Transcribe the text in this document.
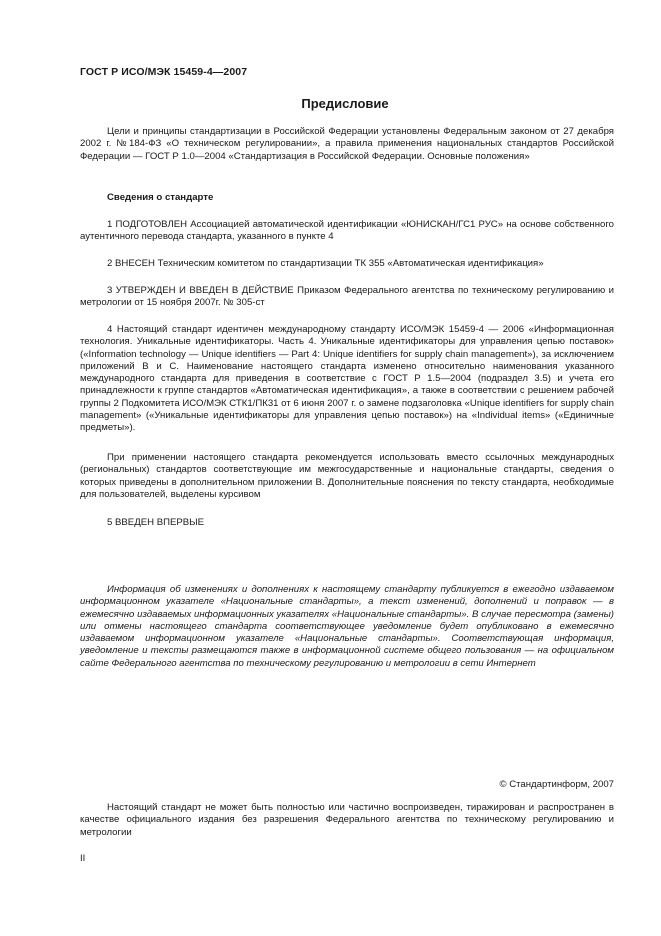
ГОСТ Р ИСО/МЭК 15459-4—2007
Предисловие

Цели и принципы стандартизации в Российской Федерации установлены Федеральным законом от 27 декабря 2002 г. №184-ФЗ «О техническом регулировании», а правила применения национальных стандартов Российской Федерации — ГОСТ Р 1.0—2004 «Стандартизация в Российской Федерации. Основные положения»

Сведения о стандарте

1 ПОДГОТОВЛЕН Ассоциацией автоматической идентификации «ЮНИСКАН/ГС1 РУС» на основе собственного аутентичного перевода стандарта, указанного в пункте 4

2 ВНЕСЕН Техническим комитетом по стандартизации ТК 355 «Автоматическая идентификация»

3 УТВЕРЖДЕН И ВВЕДЕН В ДЕЙСТВИЕ Приказом Федерального агентства по техническому регулированию и метрологии от 15 ноября 2007г. № 305-ст

4 Настоящий стандарт идентичен международному стандарту ИСО/МЭК 15459-4 — 2006 «Информационная технология. Уникальные идентификаторы. Часть 4. Уникальные идентификаторы для управления цепью поставок» («Information technology — Unique identifiers — Part 4: Unique identifiers for supply chain management»), за исключением приложений В и С. Наименование настоящего стандарта изменено относительно наименования указанного международного стандарта для приведения в соответствие с ГОСТ Р 1.5—2004 (подраздел 3.5) и учета его принадлежности к группе стандартов «Автоматическая идентификация», а также в соответствии с решением рабочей группы 2 Подкомитета ИСО/МЭК СТК1/ПК31 от 6 июня 2007 г. о замене подзаголовка «Unique identifiers for supply chain management» («Уникальные идентификаторы для управления цепью поставок») на «Individual items» («Единичные предметы»).

При применении настоящего стандарта рекомендуется использовать вместо ссылочных международных (региональных) стандартов соответствующие им межгосударственные и национальные стандарты, сведения о которых приведены в дополнительном приложении В. Дополнительные пояснения по тексту стандарта, необходимые для пользователей, выделены курсивом

5 ВВЕДЕН ВПЕРВЫЕ

Информация об изменениях и дополнениях к настоящему стандарту публикуется в ежегодно издаваемом информационном указателе «Национальные стандарты», а текст изменений, дополнений и поправок — в ежемесячно издаваемых информационных указателях «Национальные стандарты». В случае пересмотра (замены) или отмены настоящего стандарта соответствующее уведомление будет опубликовано в ежемесячно издаваемом информационном указателе «Национальные стандарты». Соответствующая информация, уведомление и тексты размещаются также в информационной системе общего пользования — на официальном сайте Федерального агентства по техническому регулированию и метрологии в сети Интернет

© Стандартинформ, 2007

Настоящий стандарт не может быть полностью или частично воспроизведен, тиражирован и распространен в качестве официального издания без разрешения Федерального агентства по техническому регулированию и метрологии

II
